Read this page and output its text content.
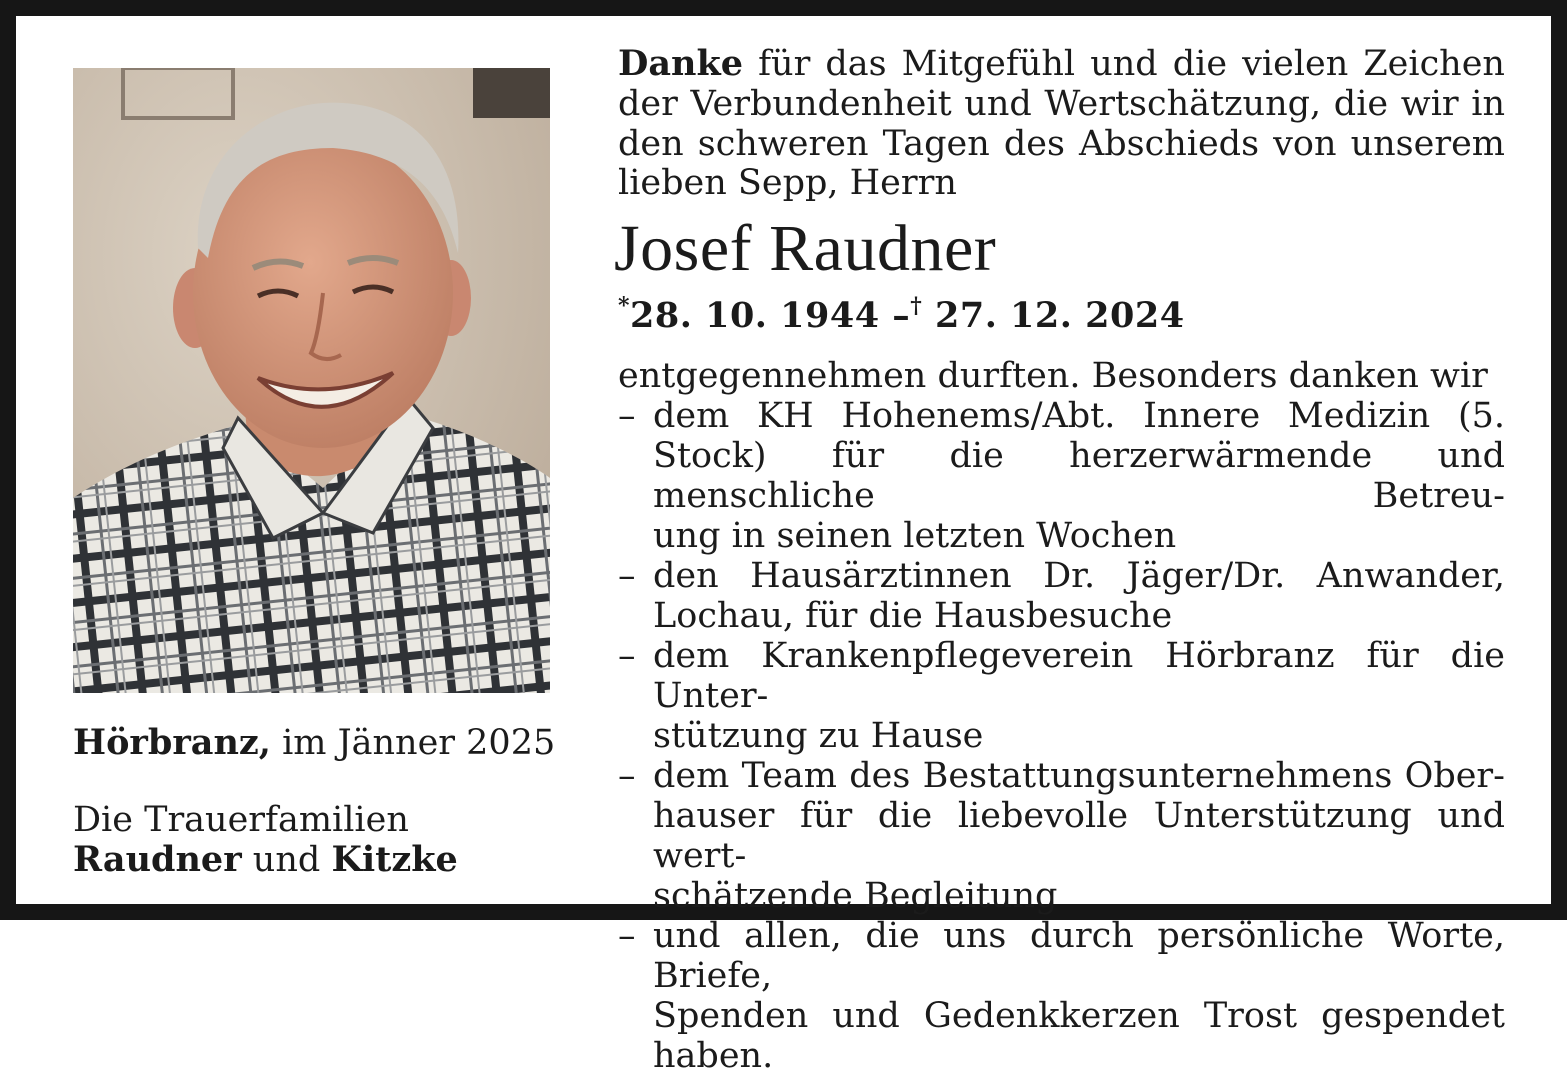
Hörbranz, im Jänner 2025
Die Trauerfamilien
Raudner und Kitzke

Danke für das Mitgefühl und die vielen Zeichen der Verbundenheit und Wertschätzung, die wir in den schweren Tagen des Abschieds von unserem lieben Sepp, Herrn

Josef Raudner
*28. 10. 1944 –† 27. 12. 2024
entgegennehmen durften. Besonders danken wir
– dem KH Hohenems/Abt. Innere Medizin (5. Stock) für die herzerwärmende und menschliche Betreu-
ung in seinen letzten Wochen
– den Hausärztinnen Dr. Jäger/Dr. Anwander,
Lochau, für die Hausbesuche
– dem Krankenpflegeverein Hörbranz für die Unter-
stützung zu Hause
– dem Team des Bestattungsunternehmens Ober- hauser für die liebevolle Unterstützung und wert-
schätzende Begleitung
– und allen, die uns durch persönliche Worte, Briefe,
Spenden und Gedenkkerzen Trost gespendet haben.
